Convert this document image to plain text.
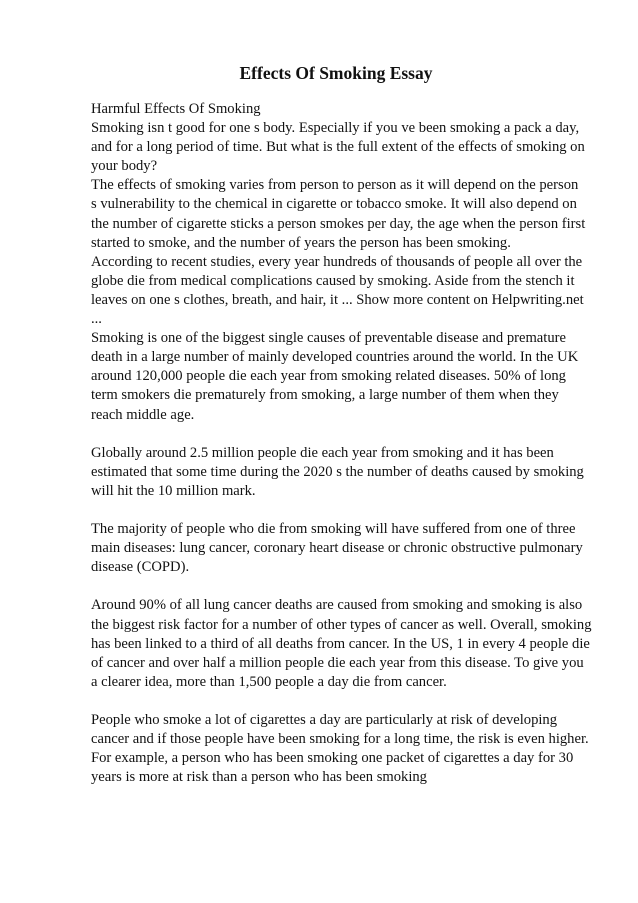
Effects Of Smoking Essay
Harmful Effects Of Smoking
Smoking isn t good for one s body. Especially if you ve been smoking a pack a day,
and for a long period of time. But what is the full extent of the effects of smoking on
your body?
The effects of smoking varies from person to person as it will depend on the person
s vulnerability to the chemical in cigarette or tobacco smoke. It will also depend on
the number of cigarette sticks a person smokes per day, the age when the person first
started to smoke, and the number of years the person has been smoking.
According to recent studies, every year hundreds of thousands of people all over the
globe die from medical complications caused by smoking. Aside from the stench it
leaves on one s clothes, breath, and hair, it ... Show more content on Helpwriting.net
...
Smoking is one of the biggest single causes of preventable disease and premature
death in a large number of mainly developed countries around the world. In the UK
around 120,000 people die each year from smoking related diseases. 50% of long
term smokers die prematurely from smoking, a large number of them when they
reach middle age.
Globally around 2.5 million people die each year from smoking and it has been
estimated that some time during the 2020 s the number of deaths caused by smoking
will hit the 10 million mark.
The majority of people who die from smoking will have suffered from one of three
main diseases: lung cancer, coronary heart disease or chronic obstructive pulmonary
disease (COPD).
Around 90% of all lung cancer deaths are caused from smoking and smoking is also
the biggest risk factor for a number of other types of cancer as well. Overall, smoking
has been linked to a third of all deaths from cancer. In the US, 1 in every 4 people die
of cancer and over half a million people die each year from this disease. To give you
a clearer idea, more than 1,500 people a day die from cancer.
People who smoke a lot of cigarettes a day are particularly at risk of developing
cancer and if those people have been smoking for a long time, the risk is even higher.
For example, a person who has been smoking one packet of cigarettes a day for 30
years is more at risk than a person who has been smoking
